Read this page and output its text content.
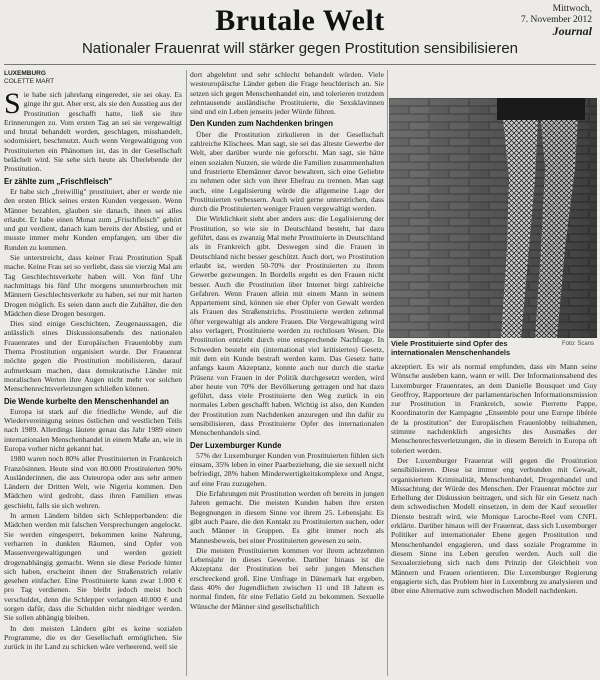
Brutale Welt	Mittwoch,
7. November 2012
Journal
Nationaler Frauenrat will stärker gegen Prostitution sensibilisieren
LUXEMBURG
COLETTE MART

Sie habe sich jahrelang eingeredet, sie sei okay. Es ginge ihr gut. Aber erst, als sie den Ausstieg aus der Prostitution geschafft hatte, ließ sie ihre Erinnerungen zu. Vom ersten Tag an sei sie vergewaltigt und brutal behandelt worden, geschlagen, misshandelt, sodomisiert, beschmutzt. Auch wenn Vergewaltigung von Prostituierten ein Phänomen ist, das in der Gesellschaft belächelt wird. Sie sehe sich heute als Überlebende der Prostitution.

Er zählte zum „Frischfleisch"

Er habe sich „freiwillig" prostituiert, aber er werde nie den ersten Blick seines ersten Kunden vergessen. Wenn Männer bezahlen, glauben sie danach, ihnen sei alles erlaubt. Er habe einen Monat zum „Frischfleisch" gehört und gut verdient, danach kam bereits der Abstieg, und er musste immer mehr Kunden empfangen, um über die Runden zu kommen.

Sie unterstreicht, dass keiner Frau Prostitution Spaß mache. Keine Frau sei so verliebt, dass sie vierzig Mal am Tag Geschlechtsverkehr haben will. Von fünf Uhr nachmittags bis fünf Uhr morgens ununterbrochen mit Männern Geschlechtsverkehr zu haben, sei nur mit harten Drogen möglich. Es seien dann auch die Zuhälter, die den Mädchen diese Drogen besorgen.

Dies sind einige Geschichten, Zeugenaussagen, die anlässlich eines Diskussionsabends des nationalen Frauenrates und der Europäischen Frauenlobby zum Thema Prostitution organisiert wurde. Der Frauenrat möchte gegen die Prostitution mobilisieren, darauf aufmerksam machen, dass demokratische Länder mit moralischen Werten ihre Augen nicht mehr vor solchen Menschenrechtsverletzungen schließen können.

Die Wende kurbelte den Menschenhandel an

Europa ist stark auf die friedliche Wende, auf die Wiedervereinigung seines östlichen und westlichen Teils nach 1989. Allerdings läutete genau das Jahr 1989 einen internationalen Menschenhandel in einem Maße an, wie in Europa vorher nicht gekannt hat.

1980 waren noch 80% aller Prostituierten in Frankreich Französinnen. Heute sind von 80.000 Prostituierten 90% Ausländerinnen, die aus Osteuropa oder aus sehr armen Ländern der Dritten Welt, wie Nigeria kommen. Den Mädchen wird gedroht, dass ihren Familien etwas geschieht, falls sie sich wehren.

In armen Ländern bilden sich Schlepperbanden: die Mädchen werden mit falschen Versprechungen angelockt. Sie werden eingesperrt, bekommen keine Nahrung, verharren in dunklen Räumen, sind Opfer von Massenvergewaltigungen und werden gezielt drogenabhängig gemacht. Wenn sie diese Periode hinter sich haben, erscheint ihnen der Straßenstrich relativ gesehen einfacher. Eine Prostituierte kann zwar 1.000 € pro Tag verdienen. Sie bleibt jedoch meist hoch verschuldet, denn die Schlepper verlangen 40.000 € und sorgen dafür, dass die Schulden nicht niedriger werden. Sie sollen abhängig bleiben.

In den meisten Ländern gibt es keine sozialen Programme, die es der Gesellschaft ermöglichen. Sie zurück in ihr Land zu schicken wäre verheerend, weil sie

dort abgelehnt und sehr schlecht behandelt würden. Viele westeuropäische Länder geben die Frage heuchlerisch an. Sie setzen sich gegen Menschenhandel ein, und tolerieren trotzdem zehntausende ausländische Prostituierte, die Sexsklavinnen sind und ein Leben jenseits jeder Würde führen.

Den Kunden zum Nachdenken bringen

Über die Prostitution zirkulieren in der Gesellschaft zahlreiche Klischees. Man sagt, sie sei das älteste Gewerbe der Welt, aber darüber wurde nie geforscht. Man sagt, sie hätte einen sozialen Nutzen, sie würde die Familien zusammenhalten und frustrierte Ehemänner davor bewahren, sich eine Geliebte zu nehmen oder sich von ihrer Ehefrau zu trennen. Man sagt auch, eine Legalisierung würde die allgemeine Lage der Prostituierten verbessern. Auch wird gerne unterstrichen, dass durch die Prostituierten weniger Frauen vergewaltigt werden.

Die Wirklichkeit sieht aber anders aus: die Legalisierung der Prostitution, so wie sie in Deutschland besteht, hat dazu geführt, dass es zwanzig Mal mehr Prostituierte in Deutschland als in Frankreich gibt. Deswegen sind die Frauen in Deutschland nicht besser geschützt. Auch dort, wo Prostitution erlaubt ist, werden 50-70% der Prostituierten zu ihrem Gewerbe gezwungen. In Bordells ergeht es den Frauen nicht besser. Auch die Prostitution über Internet birgt zahlreiche Gefahren. Wenn Frauen allein mit einem Mann in seinem Appartement sind, können sie eher Opfer von Gewalt werden als Frauen des Straßenstrichs. Prostituierte werden zehnmal öfter vergewaltigt als andere Frauen. Die Vergewaltigung wird also verlagert, Prostituierte werden zu rechtlosen Wesen. Die Prostitution entzieht durch eine entsprechende Nachfrage. In Schweden besteht ein (international viel kritisiertes) Gesetz, mit dem ein Kunde bestraft werden kann. Das Gesetz hatte anfangs kaum Akzeptanz, konnte auch nur durch die starke Präsenz von Frauen in der Politik durchgesetzt werden, wird aber heute von 70% der Bevölkerung getragen und hat dazu geführt, dass viele Prostituierte den Weg zurück in ein normales Leben geschafft haben. Wichtig ist also, den Kunden der Prostitution zum Nachdenken anzuregen und ihn dafür zu sensibilisieren, dass Prostituierte Opfer des internationalen Menschenhandels sind.

Der Luxemburger Kunde

57% der Luxemburger Kunden von Prostituierten fühlen sich einsam, 35% leben in einer Paarbeziehung, die sie sexuell nicht befriedigt, 28% haben Minderwertigkeitskomplexe und Angst, auf eine Frau zuzugehen.

Die Erfahrungen mit Prostitution werden oft bereits in jungen Jahren gemacht. Die meisten Kunden haben ihre ersten Begegnungen in diesem Sinne vor ihrem 25. Lebensjahr. Es gibt auch Paare, die den Kontakt zu Prostituierten suchen, oder auch Männer in Gruppen. Es gibt immer noch als Mannesbeweis, bei einer Prostituierten gewesen zu sein.

Die meisten Prostituierten kommen vor ihrem achtzehnten Lebensjahr in dieses Gewerbe. Darüber hinaus ist die Akzeptanz der Prostitution bei sehr jungen Menschen erschreckend groß. Eine Umfrage in Dänemark hat ergeben, dass 40% der Jugendlichen zwischen 11 und 18 Jahren es normal finden, für eine Fellatio Geld zu bekommen. Sexuelle Wünsche der Männer sind gesellschaftlich

Viele Prostituierte sind Opfer des internationalen Menschenhandels
Foto: Scans

akzeptiert. Es wir als normal empfunden, dass ein Mann seine Wünsche ausleben kann, wann er will. Der Informationsabend des Luxemburger Frauenrates, an dem Danielle Bousquet und Guy Geoffroy, Rapporteure der parlamentarischen Informationsmission zur Prostitution in Frankreich, sowie Pierrette Pappe, Koordinatorin der Kampagne „Ensemble pour une Europe libérée de la prostitution" der Europäischen Frauenlobby teilnahmen, stimmte nachdenklich angesichts des Ausmaßes der Menschenrechtsverletzungen, die in diesem Bereich in Europa oft toleriert werden.

Der Luxemburger Frauenrat will gegen die Prostitution sensibilisieren. Diese ist immer eng verbunden mit Gewalt, organisiertem Kriminalität, Menschenhandel, Drogenhandel und Missachtung der Würde des Menschen. Der Frauenrat möchte zur Erhellung der Diskussion beitragen, und sich für ein Gesetz nach dem schwedischen Modell einsetzen, in dem der Kauf sexueller Dienste bestraft wird, wie Monique Laroche-Reel vom CNFL erklärte. Darüber hinaus will der Frauenrat, dass sich Luxemburger Politiker auf internationaler Ebene gegen Prostitution und Menschenhandel engagieren, und dass soziale Programme in diesem Sinne ins Leben gerufen werden. Auch soll die Sexualerziehung sich nach dem Prinzip der Gleichheit von Männern und Frauen orientieren. Die Luxemburger Regierung engagierte sich, das Problem hier in Luxemburg zu analysieren und über eine Alternative zum schwedischen Modell nachdenken.
